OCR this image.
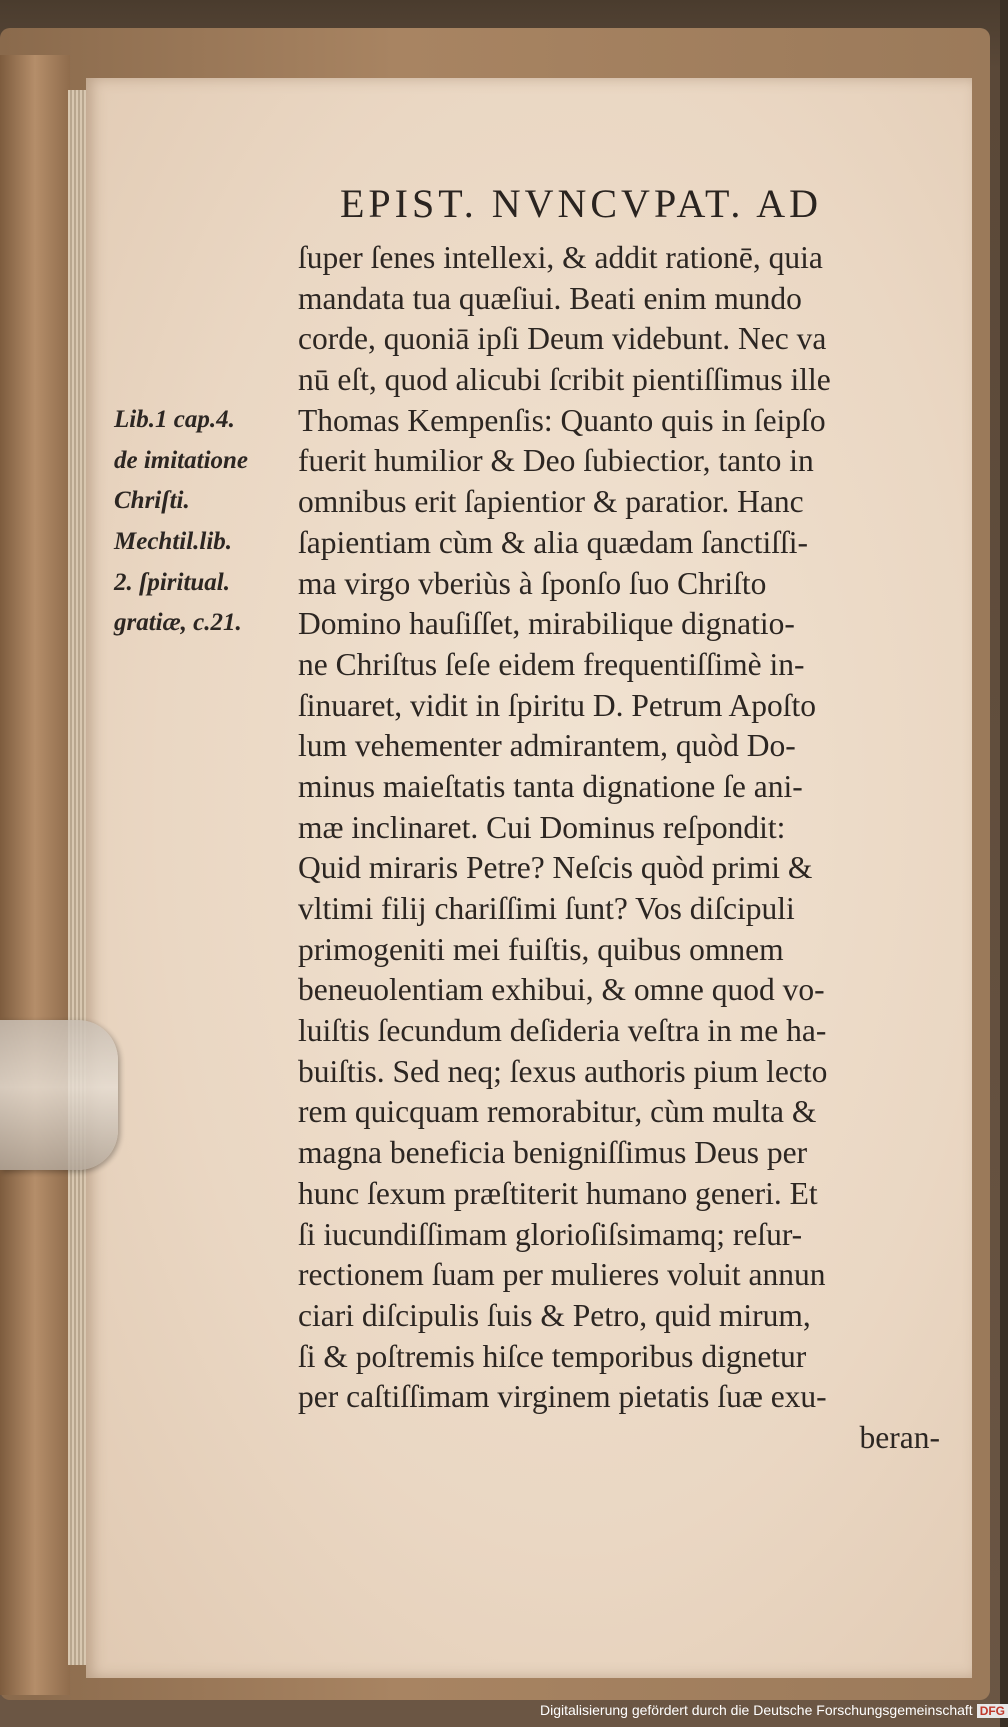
EPIST. NVNCVPAT. AD
Lib.1 cap.4.
de imitatione
Chriſti.
Mechtil.lib.
2. ſpiritual.
gratiæ, c.21.
ſuper ſenes intellexi, & addit rationē, quia
mandata tua quæſiui. Beati enim mundo
corde, quoniā ipſi Deum videbunt. Nec va
nū eſt, quod alicubi ſcribit pientiſſimus ille
Thomas Kempenſis: Quanto quis in ſeipſo
fuerit humilior & Deo ſubiectior, tanto in
omnibus erit ſapientior & paratior. Hanc
ſapientiam cùm & alia quædam ſanctiſſi-
ma virgo vberiùs à ſponſo ſuo Chriſto
Domino hauſiſſet, mirabilique dignatio-
ne Chriſtus ſeſe eidem frequentiſſimè in-
ſinuaret, vidit in ſpiritu D. Petrum Apoſto
lum vehementer admirantem, quòd Do-
minus maieſtatis tanta dignatione ſe ani-
mæ inclinaret. Cui Dominus reſpondit:
Quid miraris Petre? Neſcis quòd primi &
vltimi filij chariſſimi ſunt? Vos diſcipuli
primogeniti mei fuiſtis, quibus omnem
beneuolentiam exhibui, & omne quod vo-
luiſtis ſecundum deſideria veſtra in me ha-
buiſtis. Sed neq; ſexus authoris pium lecto
rem quicquam remorabitur, cùm multa &
magna beneficia benigniſſimus Deus per
hunc ſexum præſtiterit humano generi. Et
ſi iucundiſſimam glorioſiſsimamq; reſur-
rectionem ſuam per mulieres voluit annun
ciari diſcipulis ſuis & Petro, quid mirum,
ſi & poſtremis hiſce temporibus dignetur
per caſtiſſimam virginem pietatis ſuæ exu-
beran-
Digitalisierung gefördert durch die Deutsche Forschungsgemeinschaft DFG
